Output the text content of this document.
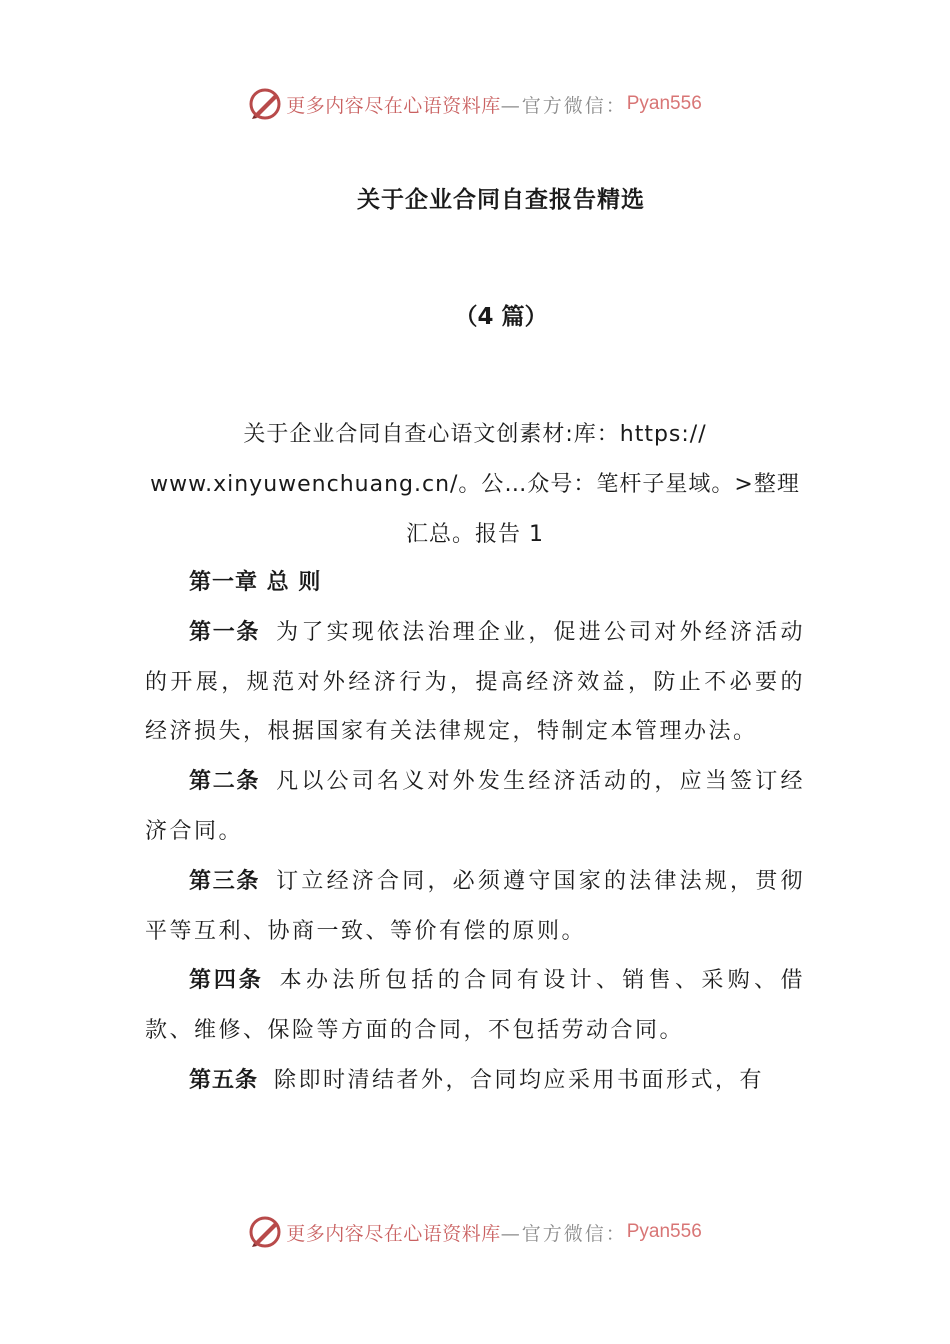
更多内容尽在心语资料库 —官方微信： Pyan556
关于企业合同自查报告精选
（4 篇）
关于企业合同自查心语文创素材:库：https://
www.xinyuwenchuang.cn/。公…众号：笔杆子星域。>整理
汇总。报告 1

第一章 总 则

第一条 为了实现依法治理企业，促进公司对外经济活动的开展，规范对外经济行为，提高经济效益，防止不必要的经济损失，根据国家有关法律规定，特制定本管理办法。

第二条 凡以公司名义对外发生经济活动的，应当签订经济合同。

第三条 订立经济合同，必须遵守国家的法律法规，贯彻平等互利、协商一致、等价有偿的原则。

第四条 本办法所包括的合同有设计、销售、采购、借款、维修、保险等方面的合同，不包括劳动合同。

第五条 除即时清结者外，合同均应采用书面形式，有

更多内容尽在心语资料库 —官方微信： Pyan556
